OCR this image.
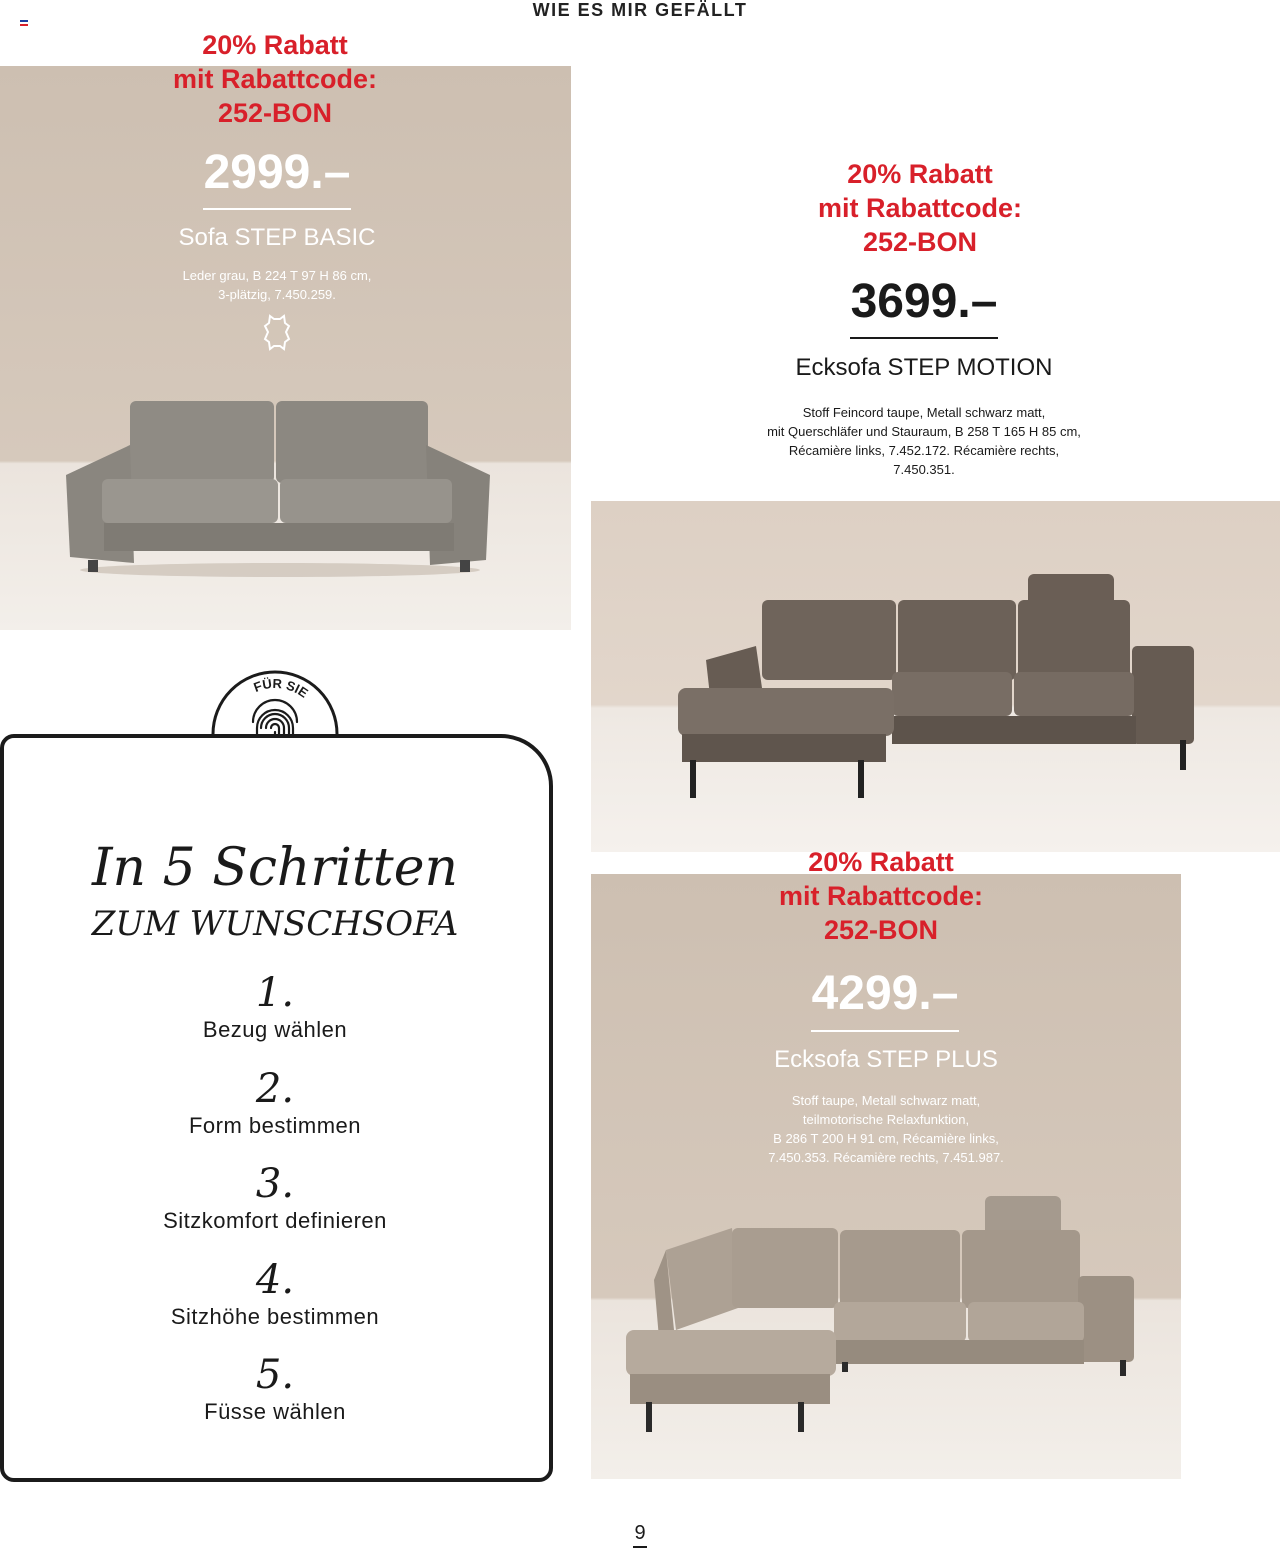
WIE ES MIR GEFÄLLT
20% Rabatt
mit Rabattcode:
252-BON
2999.–
Sofa STEP BASIC
Leder grau, B 224 T 97 H 86 cm,
3-plätzig, 7.450.259.
20% Rabatt
mit Rabattcode:
252-BON
3699.–
Ecksofa STEP MOTION
Stoff Feincord taupe, Metall schwarz matt,
mit Querschläfer und Stauraum, B 258 T 165 H 85 cm,
Récamière links, 7.452.172. Récamière rechts,
7.450.351.
FÜR SIE
In 5 Schritten
ZUM WUNSCHSOFA
1.
Bezug wählen
2.
Form bestimmen
3.
Sitzkomfort definieren
4.
Sitzhöhe bestimmen
5.
Füsse wählen
20% Rabatt
mit Rabattcode:
252-BON
4299.–
Ecksofa STEP PLUS
Stoff taupe, Metall schwarz matt,
teilmotorische Relaxfunktion,
B 286 T 200 H 91 cm, Récamière links,
7.450.353. Récamière rechts, 7.451.987.
9
